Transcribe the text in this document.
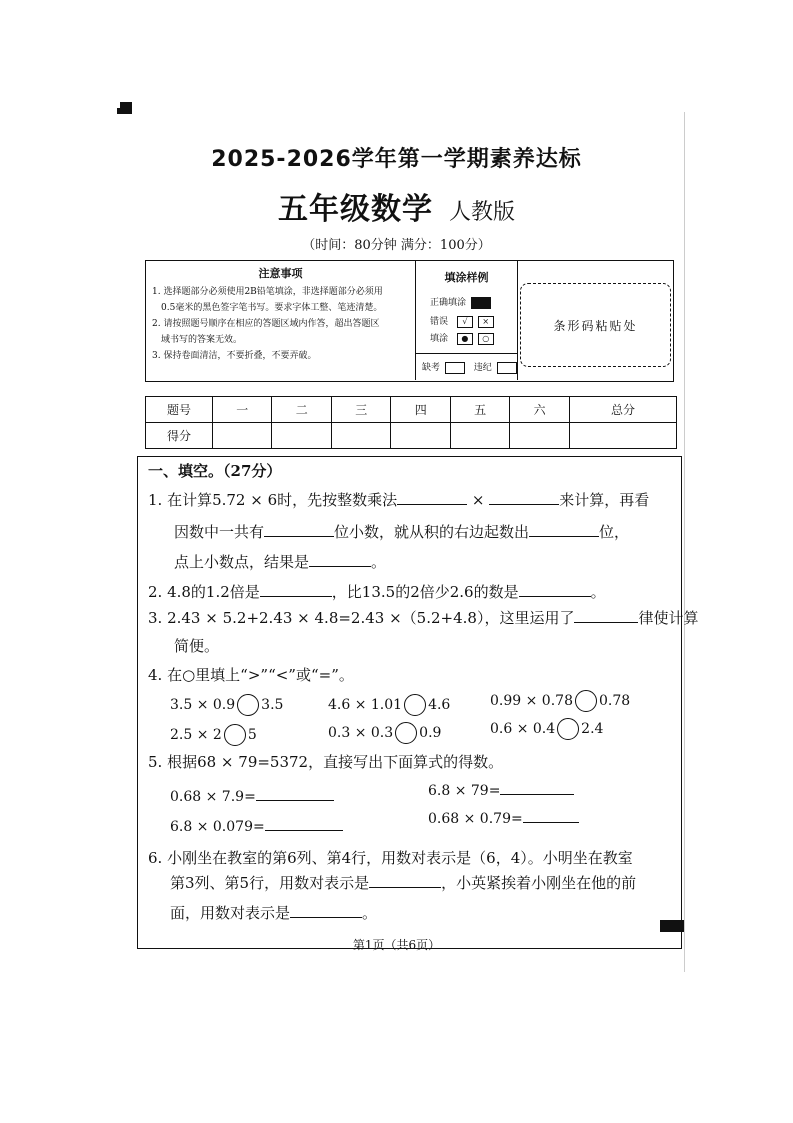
2025-2026学年第一学期素养达标
五年级数学 人教版
（时间：80分钟 满分：100分）
注意事项
1. 选择题部分必须使用2B铅笔填涂，非选择题部分必须用
0.5毫米的黑色签字笔书写。要求字体工整、笔迹清楚。
2. 请按照题号顺序在相应的答题区域内作答，超出答题区
域书写的答案无效。
3. 保持卷面清洁，不要折叠，不要弄破。
填涂样例
正确填涂
错误 √ ×
填涂 ● ○
缺考	违纪
条形码粘贴处
题号	一	二	三	四	五	六	总分
得分							
一、填空。（27分）
1. 在计算5.72 × 6时，先按整数乘法	×	来计算，再看
因数中一共有	位小数，就从积的右边起数出	位，
点上小数点，结果是	。
2. 4.8的1.2倍是	，比13.5的2倍少2.6的数是	。
3. 2.43 × 5.2+2.43 × 4.8=2.43 ×（5.2+4.8），这里运用了	律使计算
简便。
4. 在○里填上“>”“<”或“=”。
3.5 × 0.9 3.5	4.6 × 1.01 4.6	0.99 × 0.78 0.78
2.5 × 2 5	0.3 × 0.3 0.9	0.6 × 0.4 2.4
5. 根据68 × 79=5372，直接写出下面算式的得数。
0.68 × 7.9=	6.8 × 79=
6.8 × 0.079=	0.68 × 0.79=
6. 小刚坐在教室的第6列、第4行，用数对表示是（6，4）。小明坐在教室
第3列、第5行，用数对表示是	，小英紧挨着小刚坐在他的前
面，用数对表示是	。
第1页（共6页）
